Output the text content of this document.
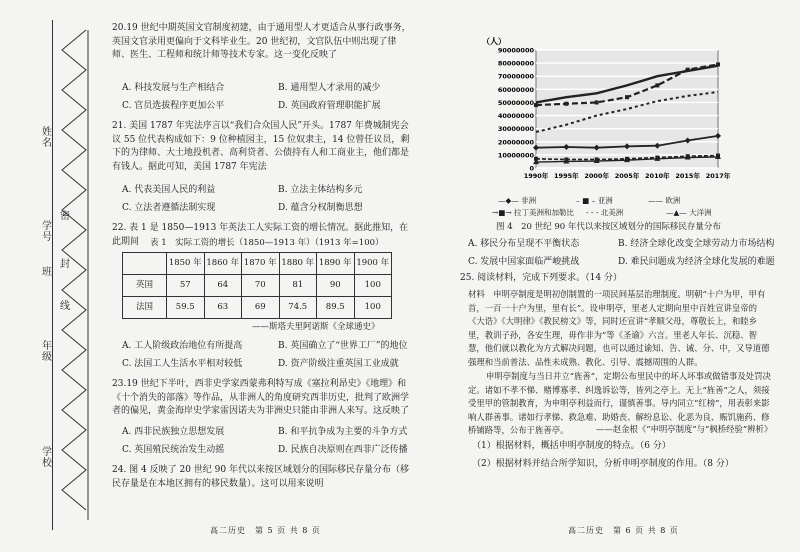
姓名
学号
年级
学校
班
密
封
线
20.19 世纪中期英国文官制度初建，由于通用型人才更适合从事行政事务，英国文官录用更偏向于文科毕业生。20 世纪初，文官队伍中则出现了律师、医生、工程师和统计师等技术专家。这一变化反映了
A. 科技发展与生产相结合	B. 通用型人才录用的减少
C. 官员选拔程序更加公平	D. 英国政府管理职能扩展
21. 美国 1787 年宪法序言以“我们合众国人民”开头。1787 年费城制宪会议 55 位代表构成如下：9 位种植园主，15 位奴隶主，14 位曾任议员，剩下的为律师、大土地投机者、高利贷者、公债持有人和工商业主，他们都是有钱人。据此可知，美国 1787 年宪法
A. 代表美国人民的利益	B. 立法主体结构多元
C. 立法者遵循法制实现	D. 蕴含分权制衡思想
22. 表 1 是 1850—1913 年英法工人实际工资的增长情况。据此推知，在此期间	表 1　实际工资的增长（1850—1913 年）（1913 年=100）
	1850 年	1860 年	1870 年	1880 年	1890 年	1900 年
英国	57	64	70	81	90	100
法国	59.5	63	69	74.5	89.5	100
——斯塔夫里阿诺斯《全球通史》
A. 工人阶级政治地位有所提高	B. 英国确立了“世界工厂”的地位
C. 法国工人生活水平相对较低	D. 资产阶级注重英国工业成就
23.19 世纪下半叶，西非史学家西蒙弗利特写成《塞拉利昂史》《地理》和《十个消失的部落》等作品，从非洲人的角度研究西非历史，批判了欧洲学者的偏见，黄金海岸史学家雷因诺夫为非洲史只能由非洲人来写。这反映了
A. 西非民族独立思想发展	B. 和平抗争成为主要的斗争方式
C. 英国殖民统治发生动摇	D. 民族自决原则在西非广泛传播
24. 图 4 反映了 20 世纪 90 年代以来按区域划分的国际移民存量分布（移民存量是在本地区拥有的移民数量）。这可以用来说明
高二历史　第 5 页 共 8 页
（人）
90000000
80000000
70000000
60000000
50000000
40000000
30000000
20000000
10000000
0
1990年 1995年 2000年 2005年 2010年 2015年 2017年
—◆— 非洲	– ■ – 亚洲	—— 欧洲
→■→ 拉丁美洲和加勒比 - - - 北美洲	—▲— 大洋洲
图 4　20 世纪 90 年代以来按区域划分的国际移民存量分布
A. 移民分布呈现不平衡状态	B. 经济全球化改变全球劳动力市场结构
C. 发展中国家面临严峻挑战	D. 难民问题成为经济全球化发展的难题
25. 阅读材料，完成下列要求。（14 分）
材料　申明亭制度是明初创制置的一项民间基层治理制度。明朝“十户为甲，甲有首，一百一十户为里，里有长”。设申明亭，里老人定期向里中百姓宣讲皇帝的《大诰》《大明律》《教民榜文》等，同时还宣讲“孝顺父母，尊敬长上，和睦乡里，教训子孙，各安生理，毋作非为”等《圣谕》六言。里老人年长、沉稳、智慧，他们就以教化为方式解决问题，也可以通过谕知、告、诫、分、中，又导道德强理和当前普法、品性未成熟、教化、引导、震撼周围的人群。
申明亭制度与当日并立“旌善”，定期公布里民中的坏人坏事或做错事及处罚决定。诸如不孝不悌、赌博寡孝、纠逸诉讼等，皆列之亭上。无上“旌善”之人，须接受里甲的管制教育，为申明亭利益而行，谨慎善事。导内同立“红榜”，用表彰来影响人群善事。诸如行孝悌、救急难、助婚丧、解纷息讼、化恶为良、赈饥施药、修桥铺路等，公布于旌善亭。	——赵金根《“申明亭制度”与“枫桥经验”辨析》
（1）根据材料，概括申明亭制度的特点。（6 分）
（2）根据材料并结合所学知识，分析申明亭制度的作用。（8 分）
高二历史　第 6 页 共 8 页
